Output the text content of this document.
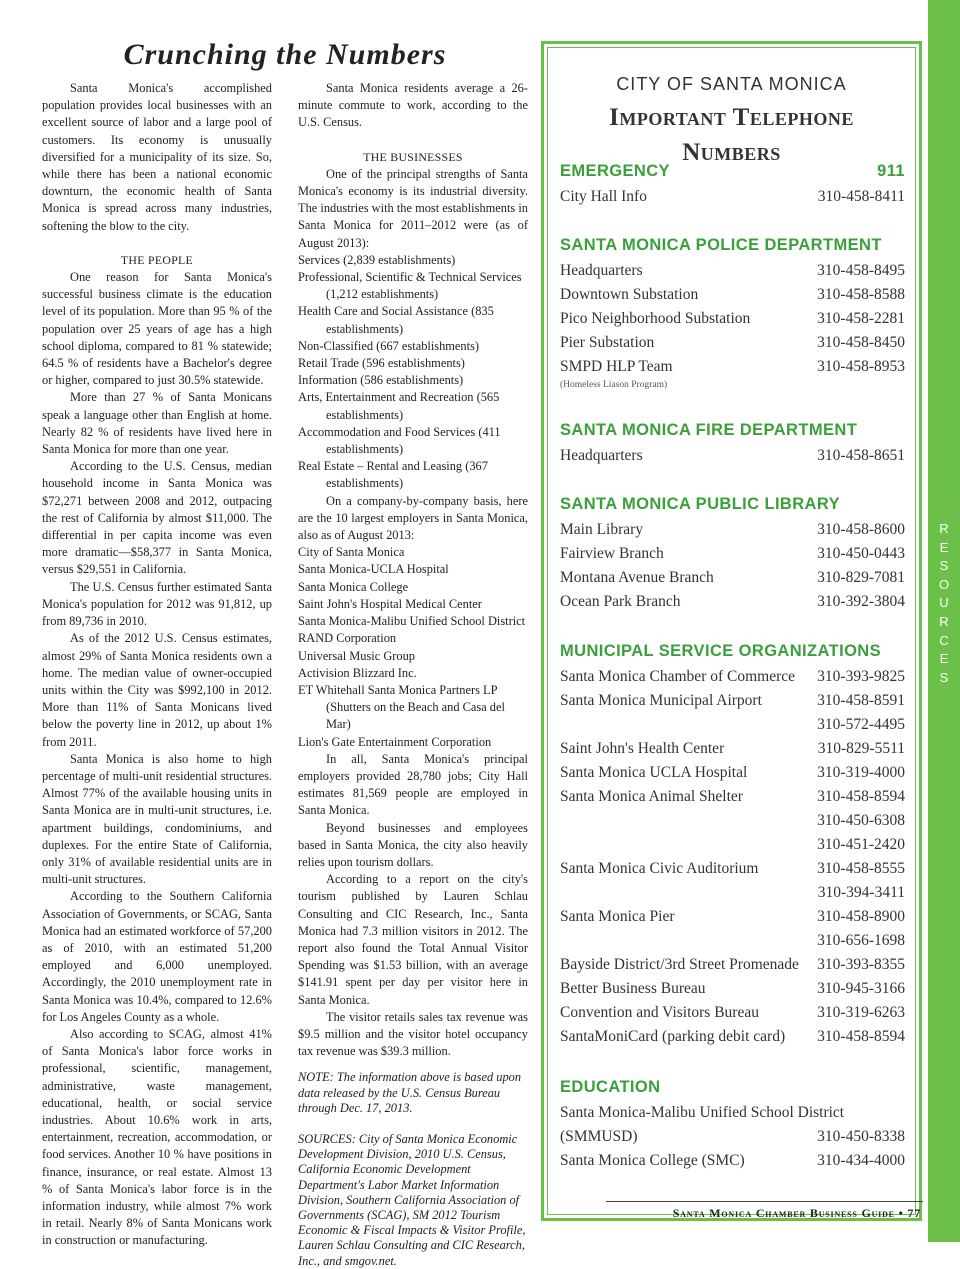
R
E
S
O
U
R
C
E
S
Crunching the Numbers

Santa Monica's accomplished population provides local businesses with an excellent source of labor and a large pool of customers. Its economy is unusually diversified for a municipality of its size. So, while there has been a national economic downturn, the economic health of Santa Monica is spread across many industries, softening the blow to the city.

THE PEOPLE

One reason for Santa Monica's successful business climate is the education level of its population. More than 95 % of the population over 25 years of age has a high school diploma, compared to 81 % statewide; 64.5 % of residents have a Bachelor's degree or higher, compared to just 30.5% statewide.

More than 27 % of Santa Monicans speak a language other than English at home. Nearly 82 % of residents have lived here in Santa Monica for more than one year.

According to the U.S. Census, median household income in Santa Monica was $72,271 between 2008 and 2012, outpacing the rest of California by almost $11,000. The differential in per capita income was even more dramatic—$58,377 in Santa Monica, versus $29,551 in California.

The U.S. Census further estimated Santa Monica's population for 2012 was 91,812, up from 89,736 in 2010.

As of the 2012 U.S. Census estimates, almost 29% of Santa Monica residents own a home. The median value of owner-occupied units within the City was $992,100 in 2012. More than 11% of Santa Monicans lived below the poverty line in 2012, up about 1% from 2011.

Santa Monica is also home to high percentage of multi-unit residential structures. Almost 77% of the available housing units in Santa Monica are in multi-unit structures, i.e. apartment buildings, condominiums, and duplexes. For the entire State of California, only 31% of available residential units are in multi-unit structures.

According to the Southern California Association of Governments, or SCAG, Santa Monica had an estimated workforce of 57,200 as of 2010, with an estimated 51,200 employed and 6,000 unemployed. Accordingly, the 2010 unemployment rate in Santa Monica was 10.4%, compared to 12.6% for Los Angeles County as a whole.

Also according to SCAG, almost 41% of Santa Monica's labor force works in professional, scientific, management, administrative, waste management, educational, health, or social service industries. About 10.6% work in arts, entertainment, recreation, accommodation, or food services. Another 10 % have positions in finance, insurance, or real estate. Almost 13 % of Santa Monica's labor force is in the information industry, while almost 7% work in retail. Nearly 8% of Santa Monicans work in construction or manufacturing.

Santa Monica residents average a 26-minute commute to work, according to the U.S. Census.

THE BUSINESSES

One of the principal strengths of Santa Monica's economy is its industrial diversity. The industries with the most establishments in Santa Monica for 2011–2012 were (as of August 2013):

Services (2,839 establishments)

Professional, Scientific & Technical Services (1,212 establishments)

Health Care and Social Assistance (835 establishments)

Non-Classified (667 establishments)

Retail Trade (596 establishments)

Information (586 establishments)

Arts, Entertainment and Recreation (565 establishments)

Accommodation and Food Services (411 establishments)

Real Estate – Rental and Leasing (367 establishments)

On a company-by-company basis, here are the 10 largest employers in Santa Monica, also as of August 2013:

City of Santa Monica

Santa Monica-UCLA Hospital

Santa Monica College

Saint John's Hospital Medical Center

Santa Monica-Malibu Unified School District

RAND Corporation

Universal Music Group

Activision Blizzard Inc.

ET Whitehall Santa Monica Partners LP (Shutters on the Beach and Casa del Mar)

Lion's Gate Entertainment Corporation

In all, Santa Monica's principal employers provided 28,780 jobs; City Hall estimates 81,569 people are employed in Santa Monica.

Beyond businesses and employees based in Santa Monica, the city also heavily relies upon tourism dollars.

According to a report on the city's tourism published by Lauren Schlau Consulting and CIC Research, Inc., Santa Monica had 7.3 million visitors in 2012. The report also found the Total Annual Visitor Spending was $1.53 billion, with an average $141.91 spent per day per visitor here in Santa Monica.

The visitor retails sales tax revenue was $9.5 million and the visitor hotel occupancy tax revenue was $39.3 million.

NOTE: The information above is based upon data released by the U.S. Census Bureau through Dec. 17, 2013.

SOURCES: City of Santa Monica Economic Development Division, 2010 U.S. Census, California Economic Development Department's Labor Market Information Division, Southern California Association of Governments (SCAG), SM 2012 Tourism Economic & Fiscal Impacts & Visitor Profile, Lauren Schlau Consulting and CIC Research, Inc., and smgov.net.

CITY OF SANTA MONICA
Important Telephone
Numbers
EMERGENCY	911
City Hall Info	310-458-8411
SANTA MONICA POLICE DEPARTMENT
Headquarters	310-458-8495
Downtown Substation	310-458-8588
Pico Neighborhood Substation	310-458-2281
Pier Substation	310-458-8450
SMPD HLP Team	310-458-8953
(Homeless Liason Program)
SANTA MONICA FIRE DEPARTMENT
Headquarters	310-458-8651
SANTA MONICA PUBLIC LIBRARY
Main Library	310-458-8600
Fairview Branch	310-450-0443
Montana Avenue Branch	310-829-7081
Ocean Park Branch	310-392-3804
MUNICIPAL SERVICE ORGANIZATIONS
Santa Monica Chamber of Commerce 310-393-9825
Santa Monica Municipal Airport	310-458-8591
310-572-4495
Saint John's Health Center	310-829-5511
Santa Monica UCLA Hospital	310-319-4000
Santa Monica Animal Shelter	310-458-8594
310-450-6308
310-451-2420
Santa Monica Civic Auditorium	310-458-8555
310-394-3411
Santa Monica Pier	310-458-8900
310-656-1698
Bayside District/3rd Street Promenade 310-393-8355
Better Business Bureau	310-945-3166
Convention and Visitors Bureau	310-319-6263
SantaMoniCard (parking debit card) 310-458-8594
EDUCATION
Santa Monica-Malibu Unified School District
(SMMUSD)	310-450-8338
Santa Monica College (SMC)	310-434-4000
Santa Monica Chamber Business Guide • 77
